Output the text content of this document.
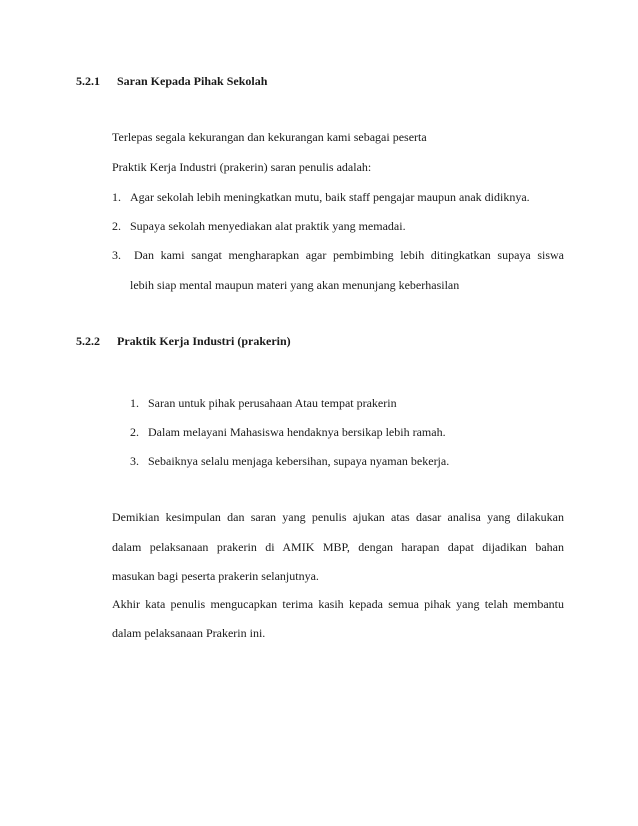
5.2.1 Saran Kepada Pihak Sekolah
Terlepas segala kekurangan dan kekurangan kami sebagai peserta
Praktik Kerja Industri (prakerin) saran penulis adalah:
1. Agar sekolah lebih meningkatkan mutu, baik staff pengajar maupun anak didiknya.
2. Supaya sekolah menyediakan alat praktik yang memadai.
3. Dan kami sangat mengharapkan agar pembimbing lebih ditingkatkan supaya siswa
lebih siap mental maupun materi yang akan menunjang keberhasilan
5.2.2 Praktik Kerja Industri (prakerin)
1. Saran untuk pihak perusahaan Atau tempat prakerin
2. Dalam melayani Mahasiswa hendaknya bersikap lebih ramah.
3. Sebaiknya selalu menjaga kebersihan, supaya nyaman bekerja.
Demikian kesimpulan dan saran yang penulis ajukan atas dasar analisa yang dilakukan
dalam pelaksanaan prakerin di AMIK MBP, dengan harapan dapat dijadikan bahan
masukan bagi peserta prakerin selanjutnya.
Akhir kata penulis mengucapkan terima kasih kepada semua pihak yang telah membantu
dalam pelaksanaan Prakerin ini.
